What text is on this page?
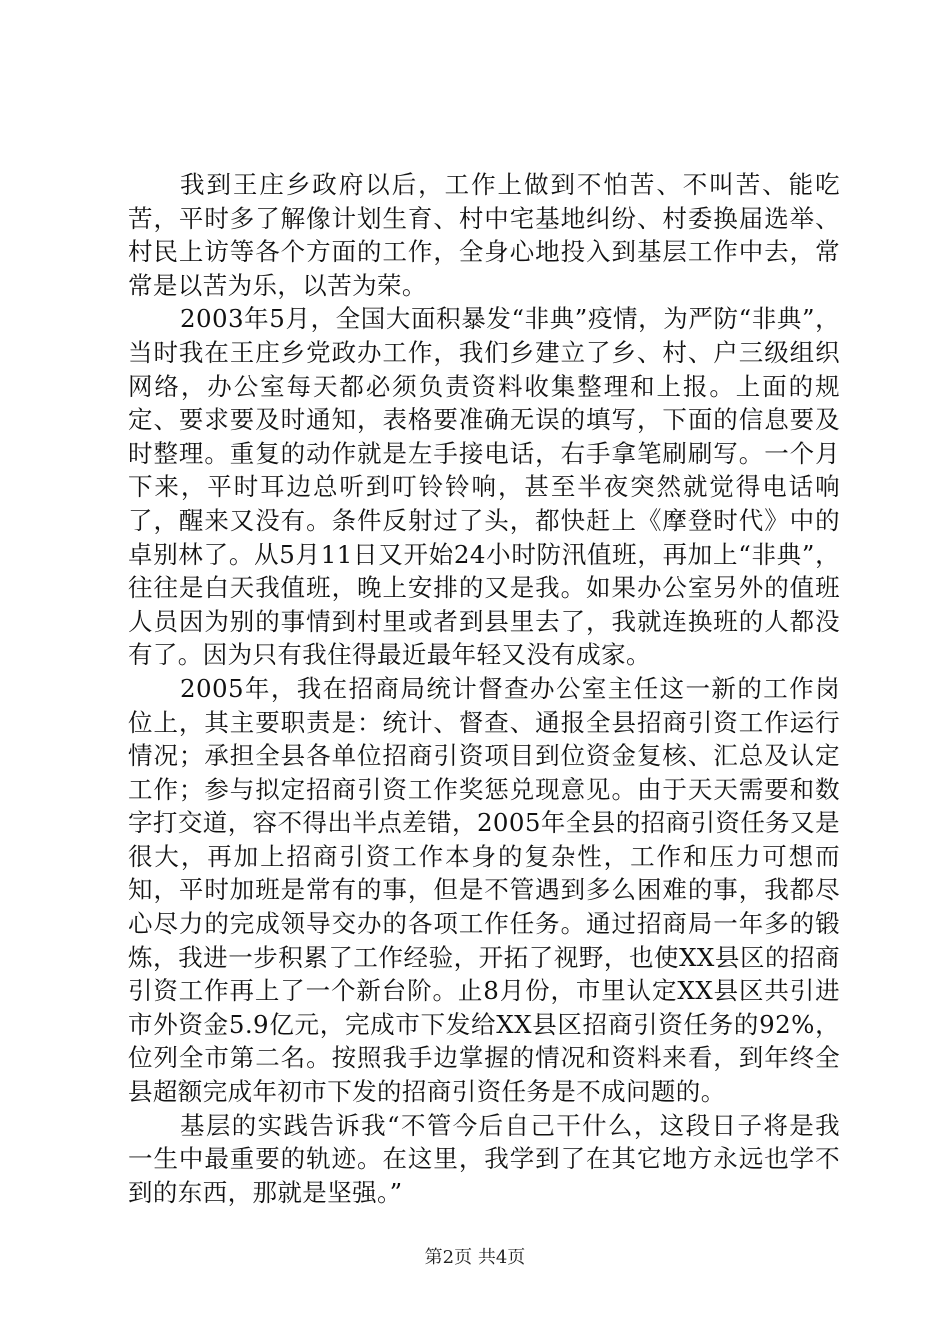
我到王庄乡政府以后，工作上做到不怕苦、不叫苦、能吃苦，平时多了解像计划生育、村中宅基地纠纷、村委换届选举、村民上访等各个方面的工作，全身心地投入到基层工作中去，常常是以苦为乐，以苦为荣。

2003年5月，全国大面积暴发“非典”疫情，为严防“非典”，当时我在王庄乡党政办工作，我们乡建立了乡、村、户三级组织网络，办公室每天都必须负责资料收集整理和上报。上面的规定、要求要及时通知，表格要准确无误的填写，下面的信息要及时整理。重复的动作就是左手接电话，右手拿笔刷刷写。一个月下来，平时耳边总听到叮铃铃响，甚至半夜突然就觉得电话响了，醒来又没有。条件反射过了头，都快赶上《摩登时代》中的卓别林了。从5月11日又开始24小时防汛值班，再加上“非典”，往往是白天我值班，晚上安排的又是我。如果办公室另外的值班人员因为别的事情到村里或者到县里去了，我就连换班的人都没有了。因为只有我住得最近最年轻又没有成家。

2005年，我在招商局统计督查办公室主任这一新的工作岗位上，其主要职责是：统计、督查、通报全县招商引资工作运行情况；承担全县各单位招商引资项目到位资金复核、汇总及认定工作；参与拟定招商引资工作奖惩兑现意见。由于天天需要和数字打交道，容不得出半点差错，2005年全县的招商引资任务又是很大，再加上招商引资工作本身的复杂性，工作和压力可想而知，平时加班是常有的事，但是不管遇到多么困难的事，我都尽心尽力的完成领导交办的各项工作任务。通过招商局一年多的锻炼，我进一步积累了工作经验，开拓了视野，也使XX县区的招商引资工作再上了一个新台阶。止8月份，市里认定XX县区共引进市外资金5.9亿元，完成市下发给XX县区招商引资任务的92%，位列全市第二名。按照我手边掌握的情况和资料来看，到年终全县超额完成年初市下发的招商引资任务是不成问题的。

基层的实践告诉我“不管今后自己干什么，这段日子将是我一生中最重要的轨迹。在这里，我学到了在其它地方永远也学不到的东西，那就是坚强。”

第2页 共4页
